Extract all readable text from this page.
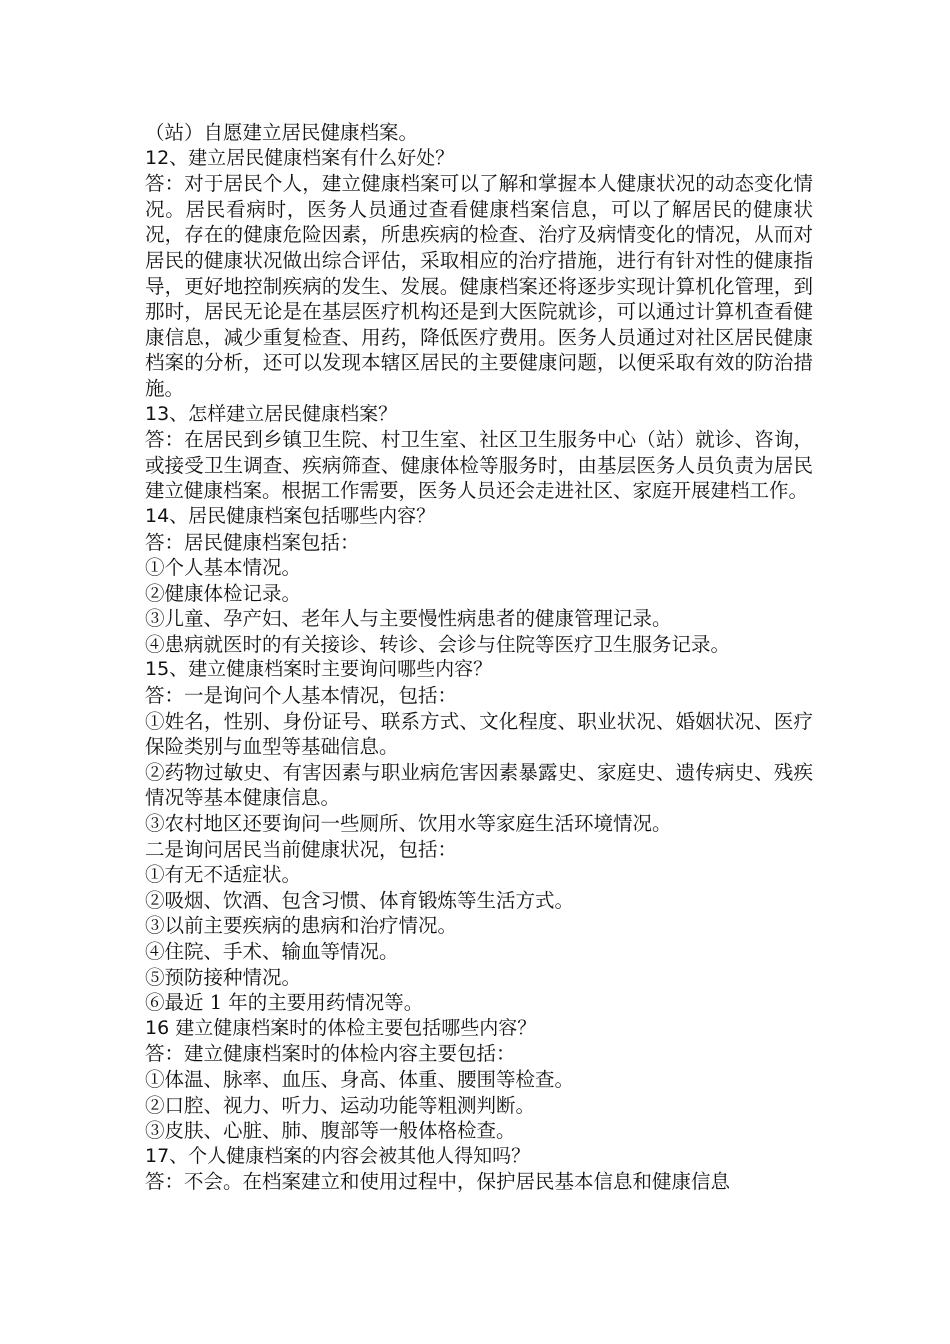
（站）自愿建立居民健康档案。

12、建立居民健康档案有什么好处？

答：对于居民个人，建立健康档案可以了解和掌握本人健康状况的动态变化情况。居民看病时，医务人员通过查看健康档案信息，可以了解居民的健康状况，存在的健康危险因素，所患疾病的检查、治疗及病情变化的情况，从而对居民的健康状况做出综合评估，采取相应的治疗措施，进行有针对性的健康指导，更好地控制疾病的发生、发展。健康档案还将逐步实现计算机化管理，到那时，居民无论是在基层医疗机构还是到大医院就诊，可以通过计算机查看健康信息，减少重复检查、用药，降低医疗费用。医务人员通过对社区居民健康档案的分析，还可以发现本辖区居民的主要健康问题，以便采取有效的防治措施。

13、怎样建立居民健康档案？

答：在居民到乡镇卫生院、村卫生室、社区卫生服务中心（站）就诊、咨询，或接受卫生调查、疾病筛查、健康体检等服务时，由基层医务人员负责为居民建立健康档案。根据工作需要，医务人员还会走进社区、家庭开展建档工作。

14、居民健康档案包括哪些内容？

答：居民健康档案包括：

①个人基本情况。

②健康体检记录。

③儿童、孕产妇、老年人与主要慢性病患者的健康管理记录。

④患病就医时的有关接诊、转诊、会诊与住院等医疗卫生服务记录。

15、建立健康档案时主要询问哪些内容？

答：一是询问个人基本情况，包括：

①姓名，性别、身份证号、联系方式、文化程度、职业状况、婚姻状况、医疗保险类别与血型等基础信息。

②药物过敏史、有害因素与职业病危害因素暴露史、家庭史、遗传病史、残疾情况等基本健康信息。

③农村地区还要询问一些厕所、饮用水等家庭生活环境情况。

二是询问居民当前健康状况，包括：

①有无不适症状。

②吸烟、饮酒、包含习惯、体育锻炼等生活方式。

③以前主要疾病的患病和治疗情况。

④住院、手术、输血等情况。

⑤预防接种情况。

⑥最近 1 年的主要用药情况等。

16 建立健康档案时的体检主要包括哪些内容？

答：建立健康档案时的体检内容主要包括：

①体温、脉率、血压、身高、体重、腰围等检查。

②口腔、视力、听力、运动功能等粗测判断。

③皮肤、心脏、肺、腹部等一般体格检查。

17、个人健康档案的内容会被其他人得知吗？

答：不会。在档案建立和使用过程中，保护居民基本信息和健康信息
